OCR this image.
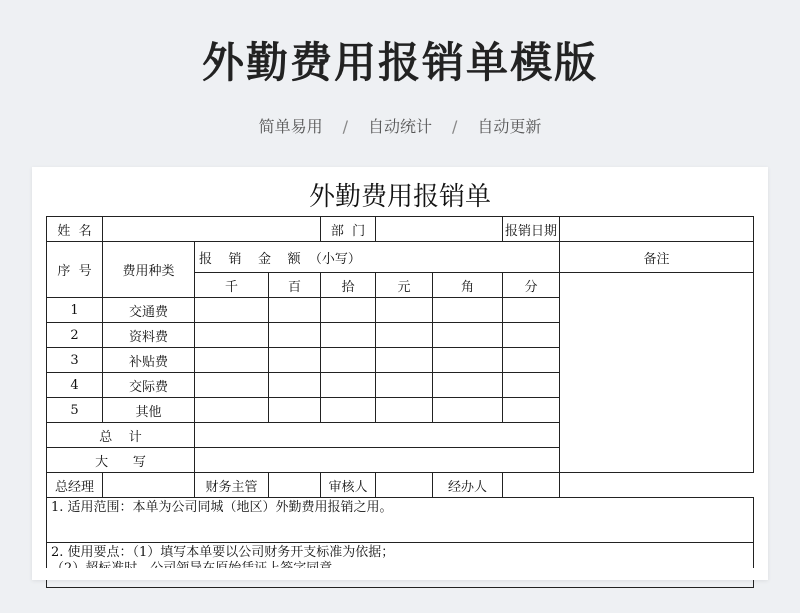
外勤费用报销单模版
简单易用 / 自动统计 / 自动更新
外勤费用报销单
姓  名				部  门			报销日期	
序  号	费用种类	报    销    金    额  （小写）						备注
		千	百	拾	元	角	分	
1	交通费							
2	资料费							
3	补贴费							
4	交际费							
5	其他							
总    计								
大      写								
总经理		财务主管		审核人		经办人		
1. 适用范围：本单为公司同城（地区）外勤费用报销之用。								

2. 使用要点：（1）填写本单要以公司财务开支标准为依据；								
